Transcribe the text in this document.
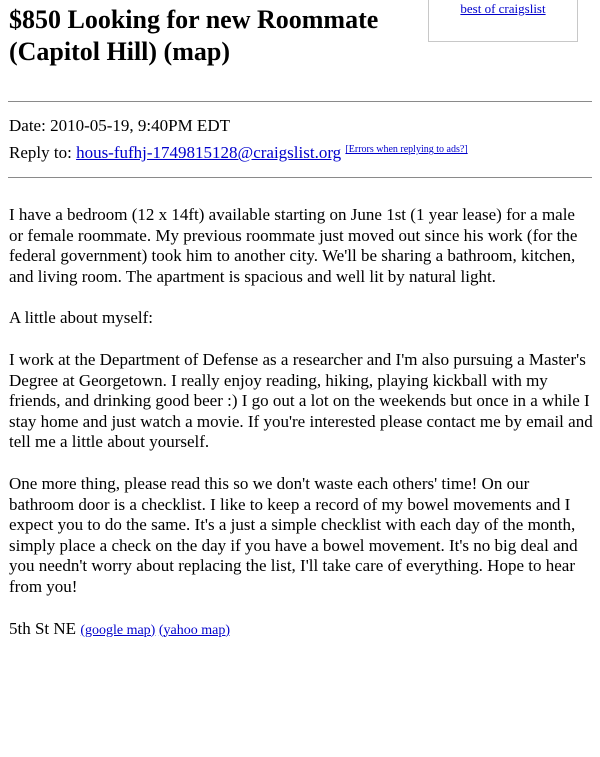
best of craigslist
$850 Looking for new Roommate (Capitol Hill) (map)
Date: 2010-05-19, 9:40PM EDT
Reply to: hous-fufhj-1749815128@craigslist.org [Errors when replying to ads?]

I have a bedroom (12 x 14ft) available starting on June 1st (1 year lease) for a male or female roommate. My previous roommate just moved out since his work (for the federal government) took him to another city. We'll be sharing a bathroom, kitchen, and living room. The apartment is spacious and well lit by natural light.

A little about myself:

I work at the Department of Defense as a researcher and I'm also pursuing a Master's Degree at Georgetown. I really enjoy reading, hiking, playing kickball with my friends, and drinking good beer :) I go out a lot on the weekends but once in a while I stay home and just watch a movie. If you're interested please contact me by email and tell me a little about yourself.

One more thing, please read this so we don't waste each others' time! On our bathroom door is a checklist. I like to keep a record of my bowel movements and I expect you to do the same. It's a just a simple checklist with each day of the month, simply place a check on the day if you have a bowel movement. It's no big deal and you needn't worry about replacing the list, I'll take care of everything. Hope to hear from you!

5th St NE (google map) (yahoo map)
